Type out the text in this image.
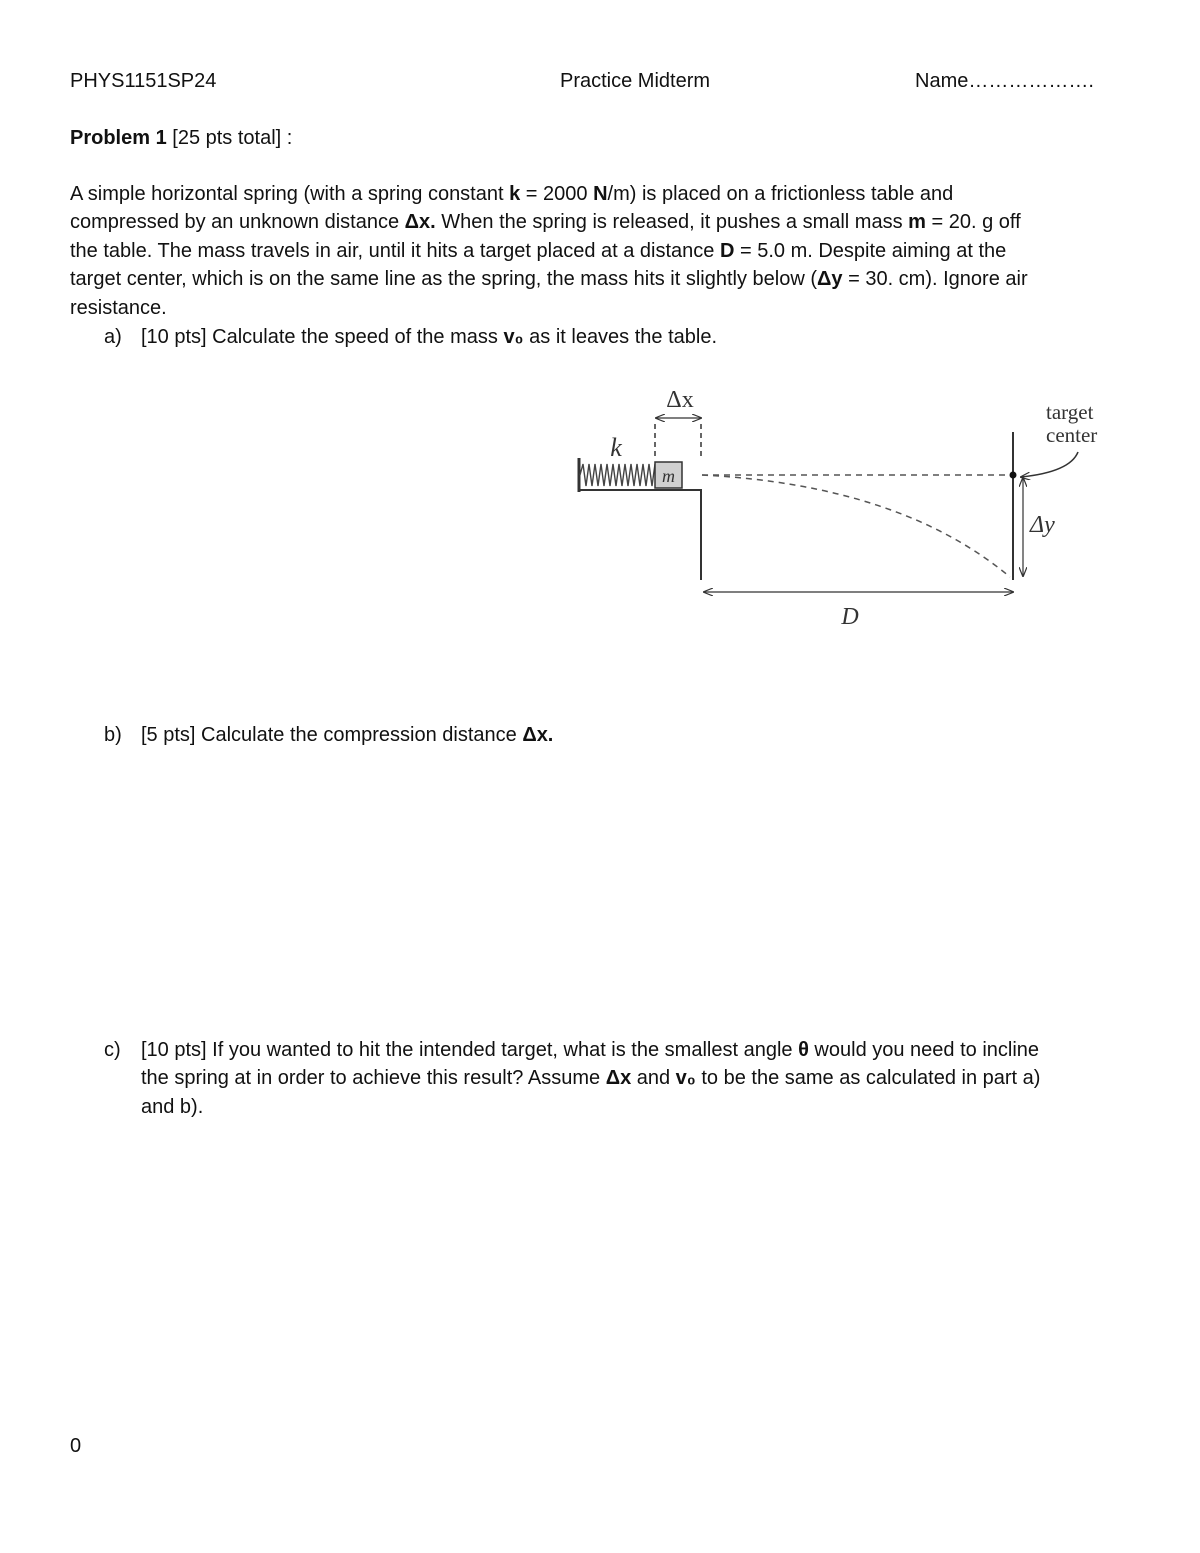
PHYS1151SP24	Practice Midterm	Name……………….
Problem 1 [25 pts total] :
A simple horizontal spring (with a spring constant k = 2000 N/m) is placed on a frictionless table and
compressed by an unknown distance Δx. When the spring is released, it pushes a small mass m = 20. g off
the table. The mass travels in air, until it hits a target placed at a distance D = 5.0 m. Despite aiming at the
target center, which is on the same line as the spring, the mass hits it slightly below (Δy = 30. cm). Ignore air
resistance.
a) [10 pts] Calculate the speed of the mass v₀ as it leaves the table.
m
k
Δx	target
center
Δy
D
b) [5 pts] Calculate the compression distance Δx.
c) [10 pts] If you wanted to hit the intended target, what is the smallest angle θ would you need to incline
the spring at in order to achieve this result? Assume Δx and v₀ to be the same as calculated in part a)
and b).
0
